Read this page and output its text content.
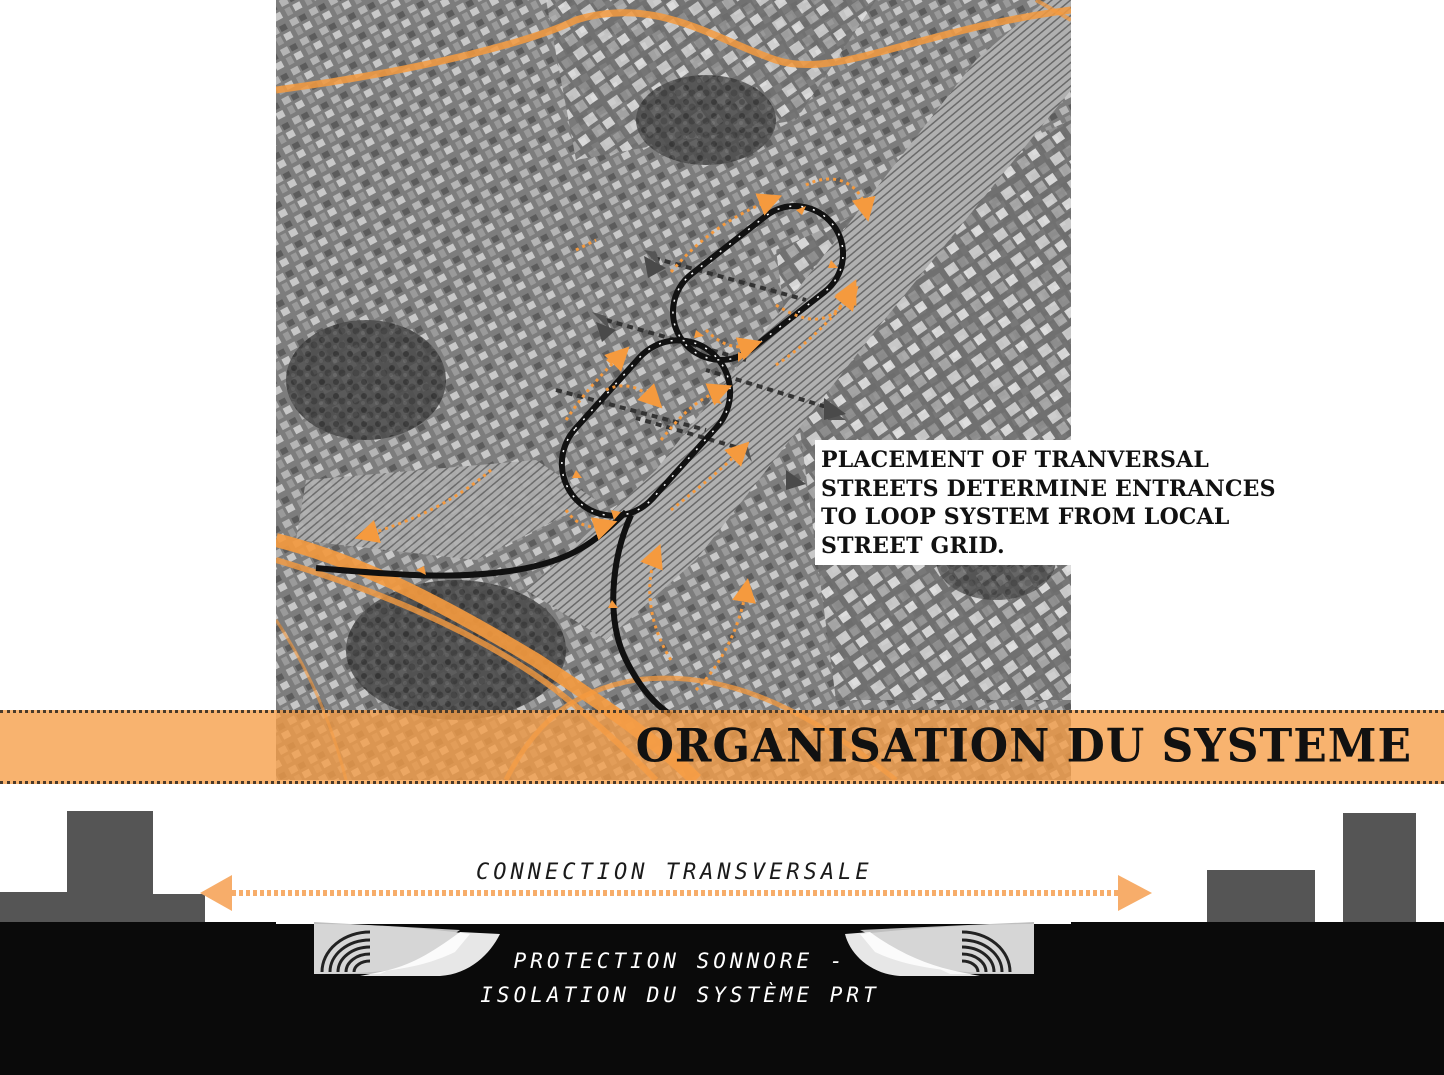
PLACEMENT OF TRANVERSAL
STREETS DETERMINE ENTRANCES
TO LOOP SYSTEM FROM LOCAL
STREET GRID.
ORGANISATION DU SYSTEME
CONNECTION TRANSVERSALE
PROTECTION SONNORE -
ISOLATION DU SYSTÈME PRT
